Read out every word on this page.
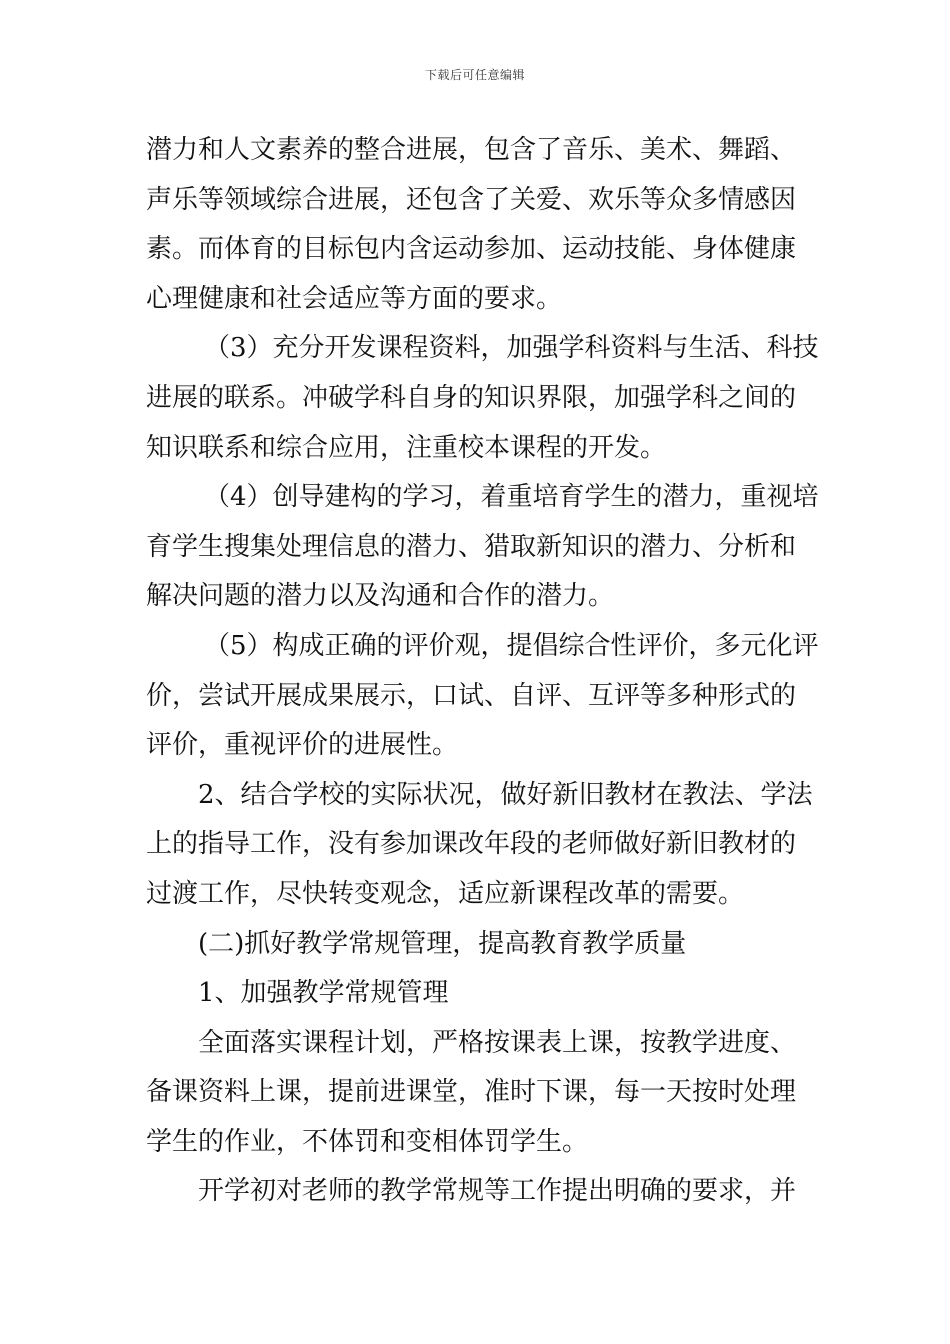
下载后可任意编辑
潜力和人文素养的整合进展，包含了音乐、美术、舞蹈、
声乐等领域综合进展，还包含了关爱、欢乐等众多情感因
素。而体育的目标包内含运动参加、运动技能、身体健康
心理健康和社会适应等方面的要求。
（3）充分开发课程资料，加强学科资料与生活、科技
进展的联系。冲破学科自身的知识界限，加强学科之间的
知识联系和综合应用，注重校本课程的开发。
（4）创导建构的学习，着重培育学生的潜力，重视培
育学生搜集处理信息的潜力、猎取新知识的潜力、分析和
解决问题的潜力以及沟通和合作的潜力。
（5）构成正确的评价观，提倡综合性评价，多元化评
价，尝试开展成果展示，口试、自评、互评等多种形式的
评价，重视评价的进展性。
2、结合学校的实际状况，做好新旧教材在教法、学法
上的指导工作，没有参加课改年段的老师做好新旧教材的
过渡工作，尽快转变观念，适应新课程改革的需要。
(二)抓好教学常规管理，提高教育教学质量
1、加强教学常规管理
全面落实课程计划，严格按课表上课，按教学进度、
备课资料上课，提前进课堂，准时下课，每一天按时处理
学生的作业，不体罚和变相体罚学生。
开学初对老师的教学常规等工作提出明确的要求，并
